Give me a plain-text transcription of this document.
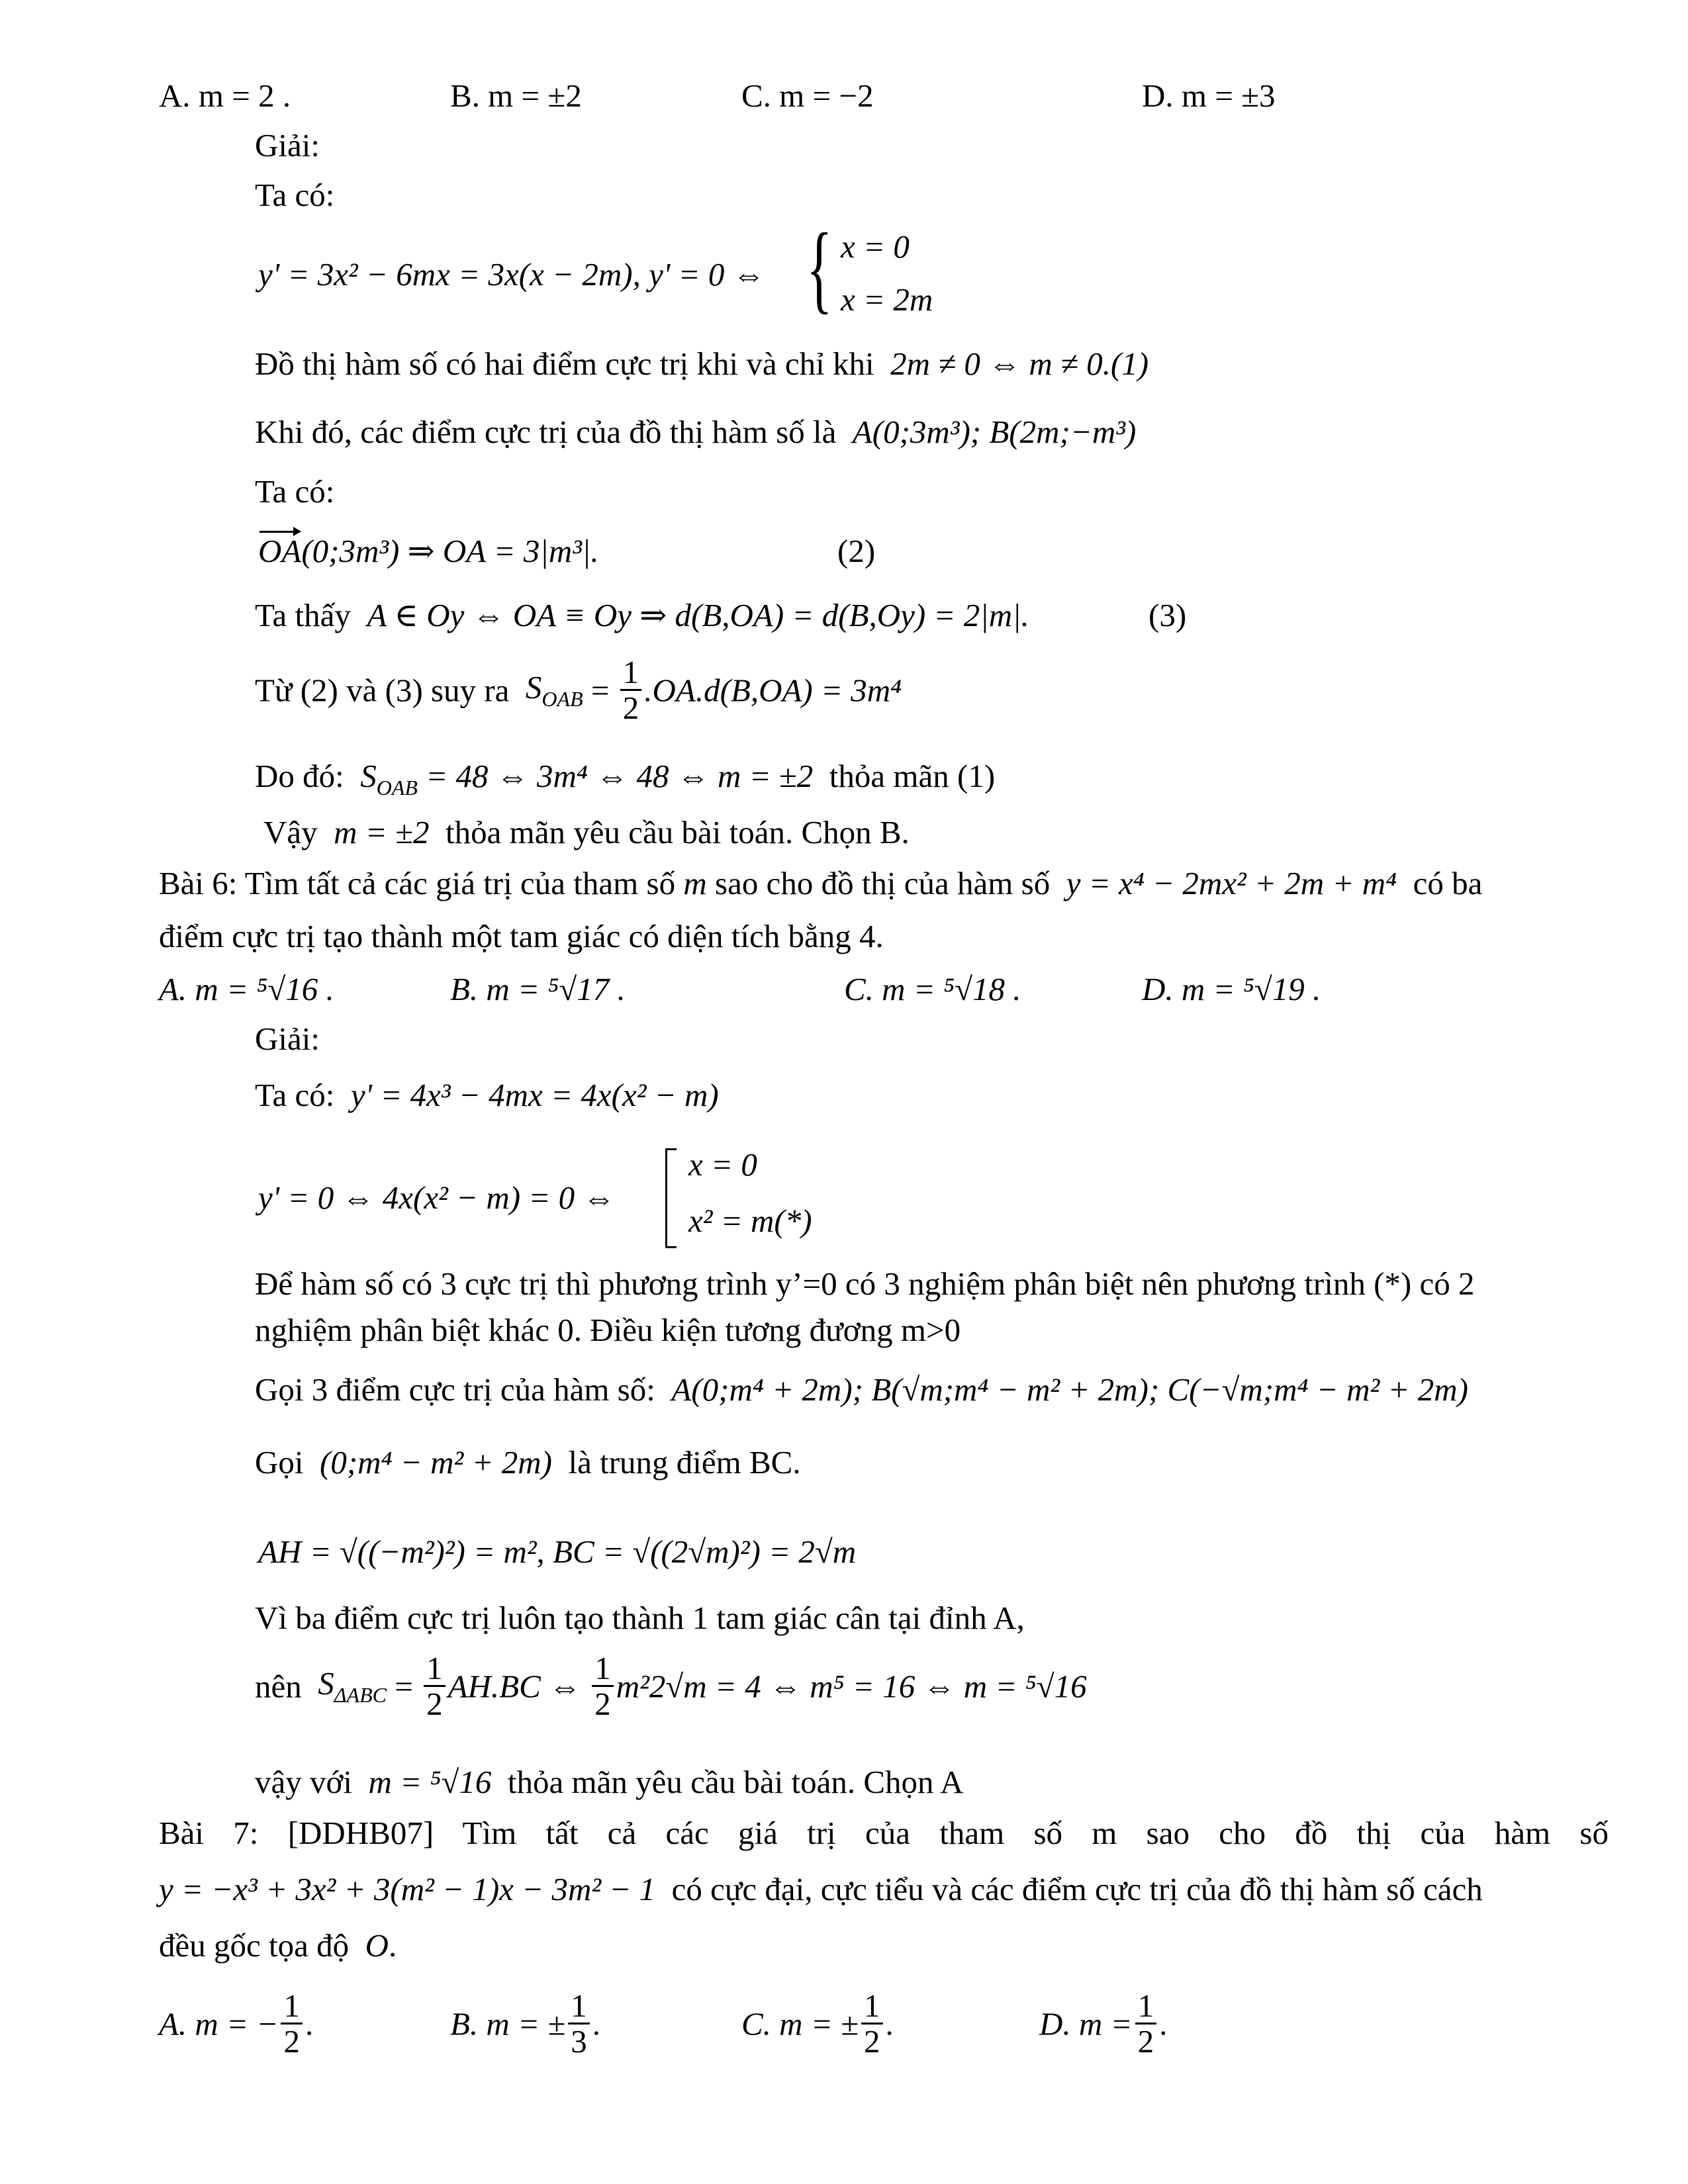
A. m = 2 .	B. m = ±2	C. m = −2	D. m = ±3
Giải:
Ta có:
y' = 3x² − 6mx = 3x(x − 2m), y' = 0 ⇔ { x = 0
x = 2m
Đồ thị hàm số có hai điểm cực trị khi và chỉ khi 2m ≠ 0 ⇔ m ≠ 0.(1)
Khi đó, các điểm cực trị của đồ thị hàm số là A(0;3m³); B(2m;−m³)
Ta có:
OA(0;3m³) ⇒ OA = 3|m³|.	(2)
Ta thấy A ∈ Oy ⇔ OA ≡ Oy ⇒ d(B,OA) = d(B,Oy) = 2|m|.	(3)
Từ (2) và (3) suy ra $S_{OAB} = \frac{1}{2} .OA.d(B,OA) = 3m^4$
Do đó: $S_{OAB} = 48$ ⇔ 3m⁴ ⇔ 48 ⇔ m = ±2 thỏa mãn (1)
Vậy m = ±2 thỏa mãn yêu cầu bài toán. Chọn B.
Bài 6: Tìm tất cả các giá trị của tham số m sao cho đồ thị của hàm số y = x⁴ − 2mx² + 2m + m⁴ có ba
điểm cực trị tạo thành một tam giác có diện tích bằng 4.
A. m = ⁵√16 .	B. m = ⁵√17 .	C. m = ⁵√18 .	D. m = ⁵√19 .
Giải:
Ta có: y' = 4x³ − 4mx = 4x(x² − m)
y' = 0 ⇔ 4x(x² − m) = 0 ⇔
x = 0
x² = m(*)
Để hàm số có 3 cực trị thì phương trình y’=0 có 3 nghiệm phân biệt nên phương trình (*) có 2
nghiệm phân biệt khác 0. Điều kiện tương đương m>0
Gọi 3 điểm cực trị của hàm số: A(0;m⁴ + 2m); B(√m;m⁴ − m² + 2m); C(−√m;m⁴ − m² + 2m)
Gọi (0;m⁴ − m² + 2m) là trung điểm BC.
AH = √((−m²)²) = m², BC = √((2√m)²) = 2√m
Vì ba điểm cực trị luôn tạo thành 1 tam giác cân tại đỉnh A,
nên $S_{\Delta ABC} = \frac{1}{2} AH.BC$ ⇔ $\frac{1}{2} m^22√m = 4$ ⇔ m⁵ = 16 ⇔ m = ⁵√16
vậy với m = ⁵√16 thỏa mãn yêu cầu bài toán. Chọn A
Bài 7: [DDHB07] Tìm tất cả các giá trị của tham số m sao cho đồ thị của hàm số
y = −x³ + 3x² + 3(m² − 1)x − 3m² − 1 có cực đại, cực tiểu và các điểm cực trị của đồ thị hàm số cách
đều gốc tọa độ O.
A. m = − $\frac{1}{2}$ .	B. m = ± $\frac{1}{3}$ .	C. m = ± $\frac{1}{2}$ .	D. $m = \frac{1}{2}$ .
